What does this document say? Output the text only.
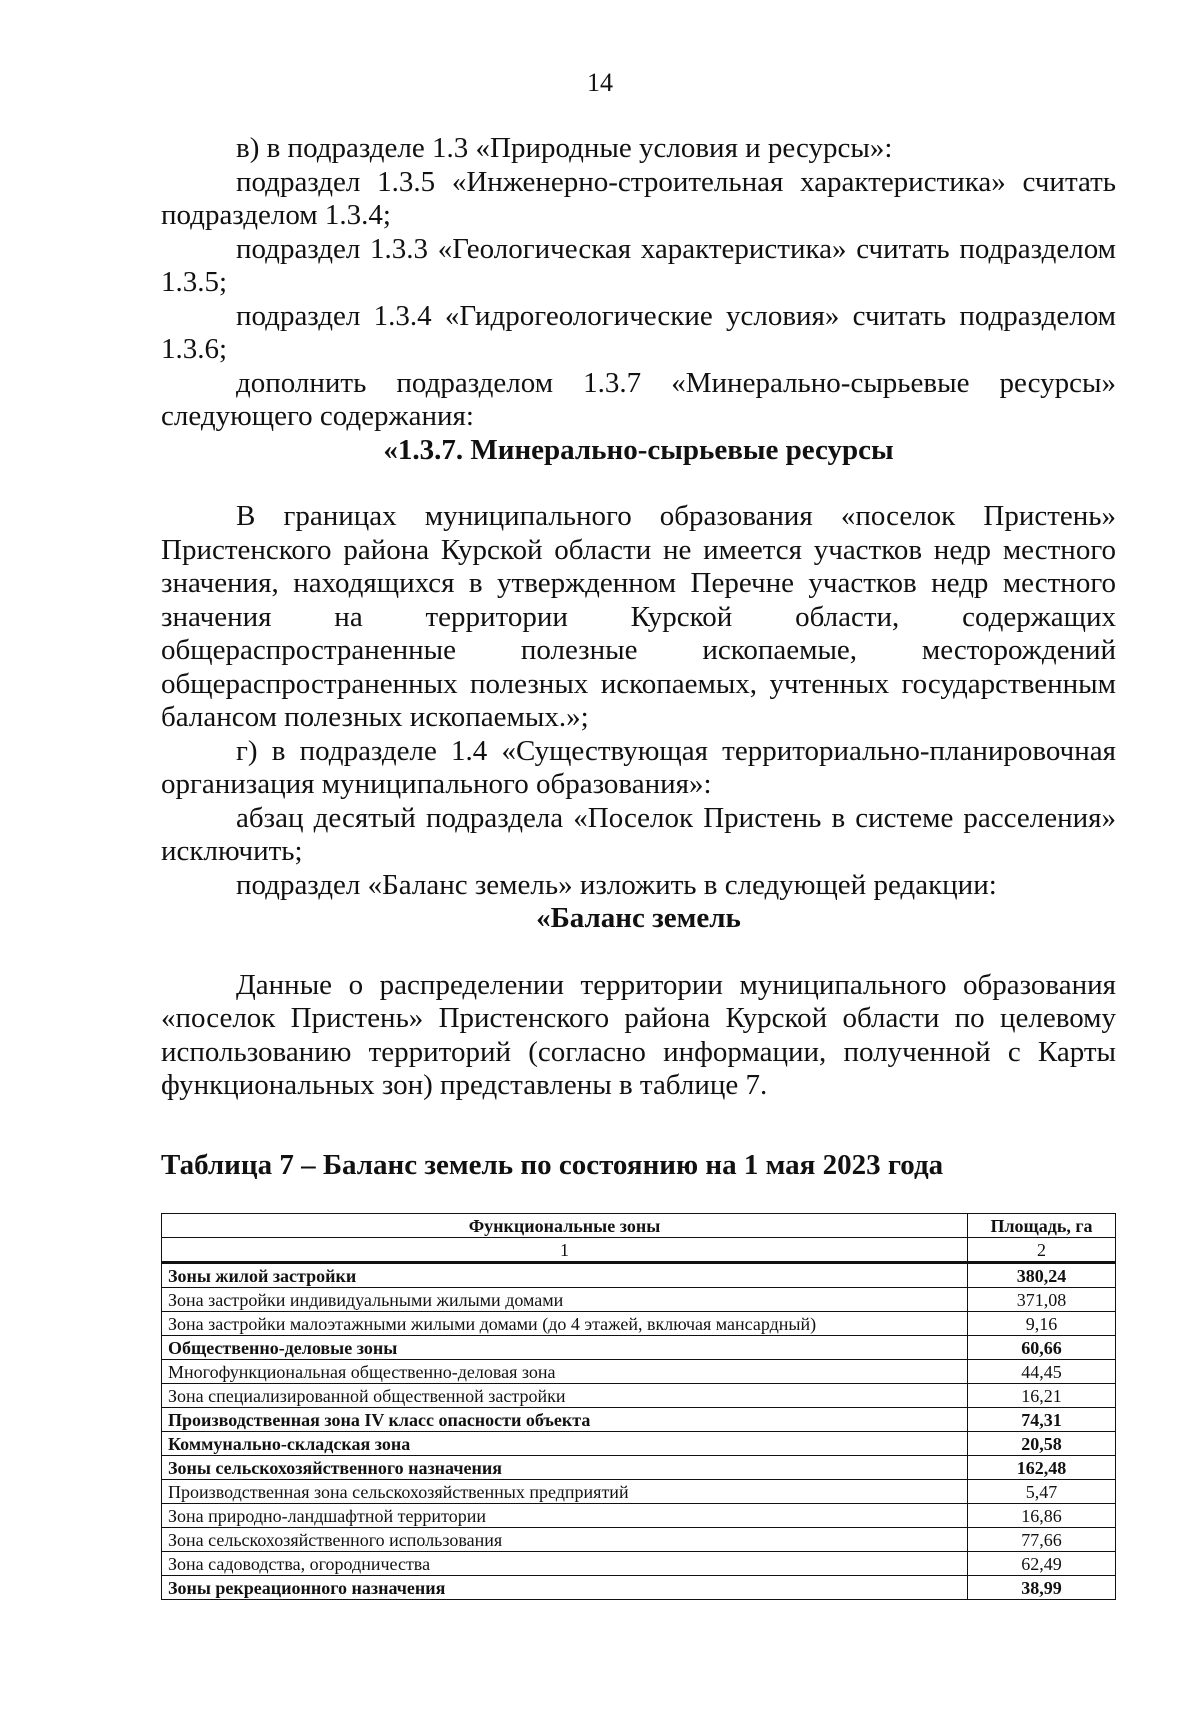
14

в) в подразделе 1.3 «Природные условия и ресурсы»:

подраздел 1.3.5 «Инженерно-строительная характеристика» считать подразделом 1.3.4;

подраздел 1.3.3 «Геологическая характеристика» считать подразделом 1.3.5;

подраздел 1.3.4 «Гидрогеологические условия» считать подразделом 1.3.6;

дополнить подразделом 1.3.7 «Минерально-сырьевые ресурсы» следующего содержания:

«1.3.7. Минерально-сырьевые ресурсы

В границах муниципального образования «поселок Пристень» Пристенского района Курской области не имеется участков недр местного значения, находящихся в утвержденном Перечне участков недр местного значения на территории Курской области, содержащих общераспространенные полезные ископаемые, месторождений общераспространенных полезных ископаемых, учтенных государственным балансом полезных ископаемых.»;

г) в подразделе 1.4 «Существующая территориально-планировочная организация муниципального образования»:

абзац десятый подраздела «Поселок Пристень в системе расселения» исключить;

подраздел «Баланс земель» изложить в следующей редакции:

«Баланс земель

Данные о распределении территории муниципального образования «поселок Пристень» Пристенского района Курской области по целевому использованию территорий (согласно информации, полученной с Карты функциональных зон) представлены в таблице 7.

Таблица 7 – Баланс земель по состоянию на 1 мая 2023 года

Функциональные зоны	Площадь, га
1	2
Зоны жилой застройки	380,24
Зона застройки индивидуальными жилыми домами	371,08
Зона застройки малоэтажными жилыми домами (до 4 этажей, включая мансардный)	9,16
Общественно-деловые зоны	60,66
Многофункциональная общественно-деловая зона	44,45
Зона специализированной общественной застройки	16,21
Производственная зона IV класс опасности объекта	74,31
Коммунально-складская зона	20,58
Зоны сельскохозяйственного назначения	162,48
Производственная зона сельскохозяйственных предприятий	5,47
Зона природно-ландшафтной территории	16,86
Зона сельскохозяйственного использования	77,66
Зона садоводства, огородничества	62,49
Зоны рекреационного назначения	38,99
